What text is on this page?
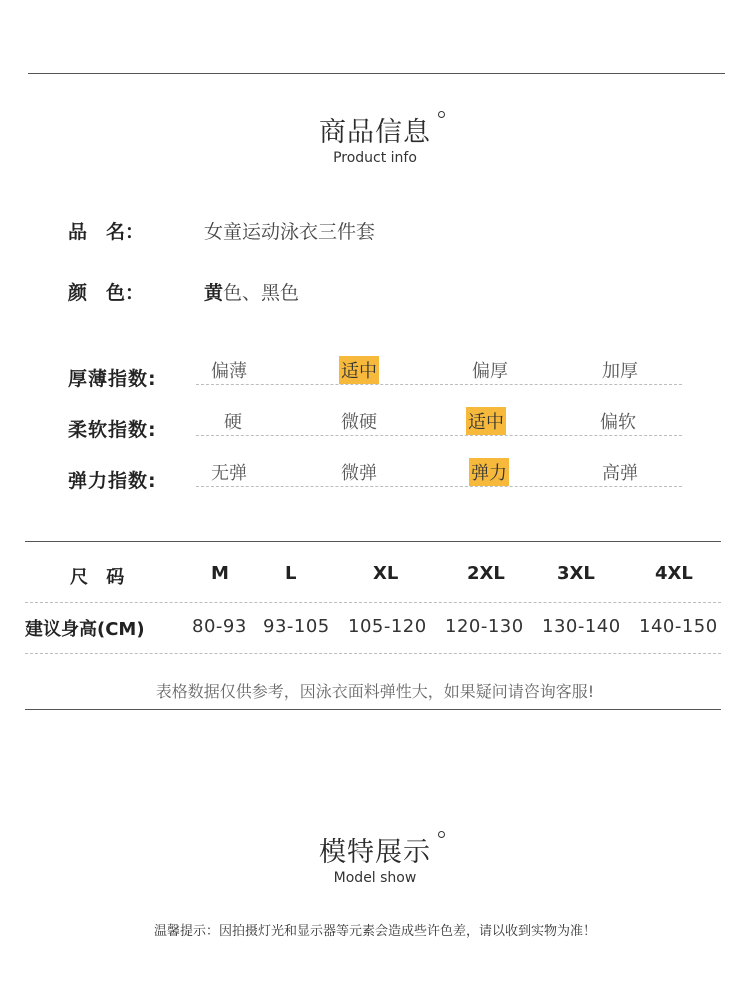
商品信息
Product info
品　名：	女童运动泳衣三件套
颜　色：	黄色、黑色
厚薄指数:	偏薄	适中	偏厚	加厚
柔软指数:	硬	微硬	适中	偏软
弹力指数:	无弹	微弹	弹力	高弹
尺 码	M	L	XL	2XL	3XL	4XL
建议身高(CM)	80-93 93-105 105-120 120-130 130-140 140-150
表格数据仅供参考，因泳衣面料弹性大，如果疑问请咨询客服!
模特展示
Model show
温馨提示：因拍摄灯光和显示器等元素会造成些许色差，请以收到实物为准！
